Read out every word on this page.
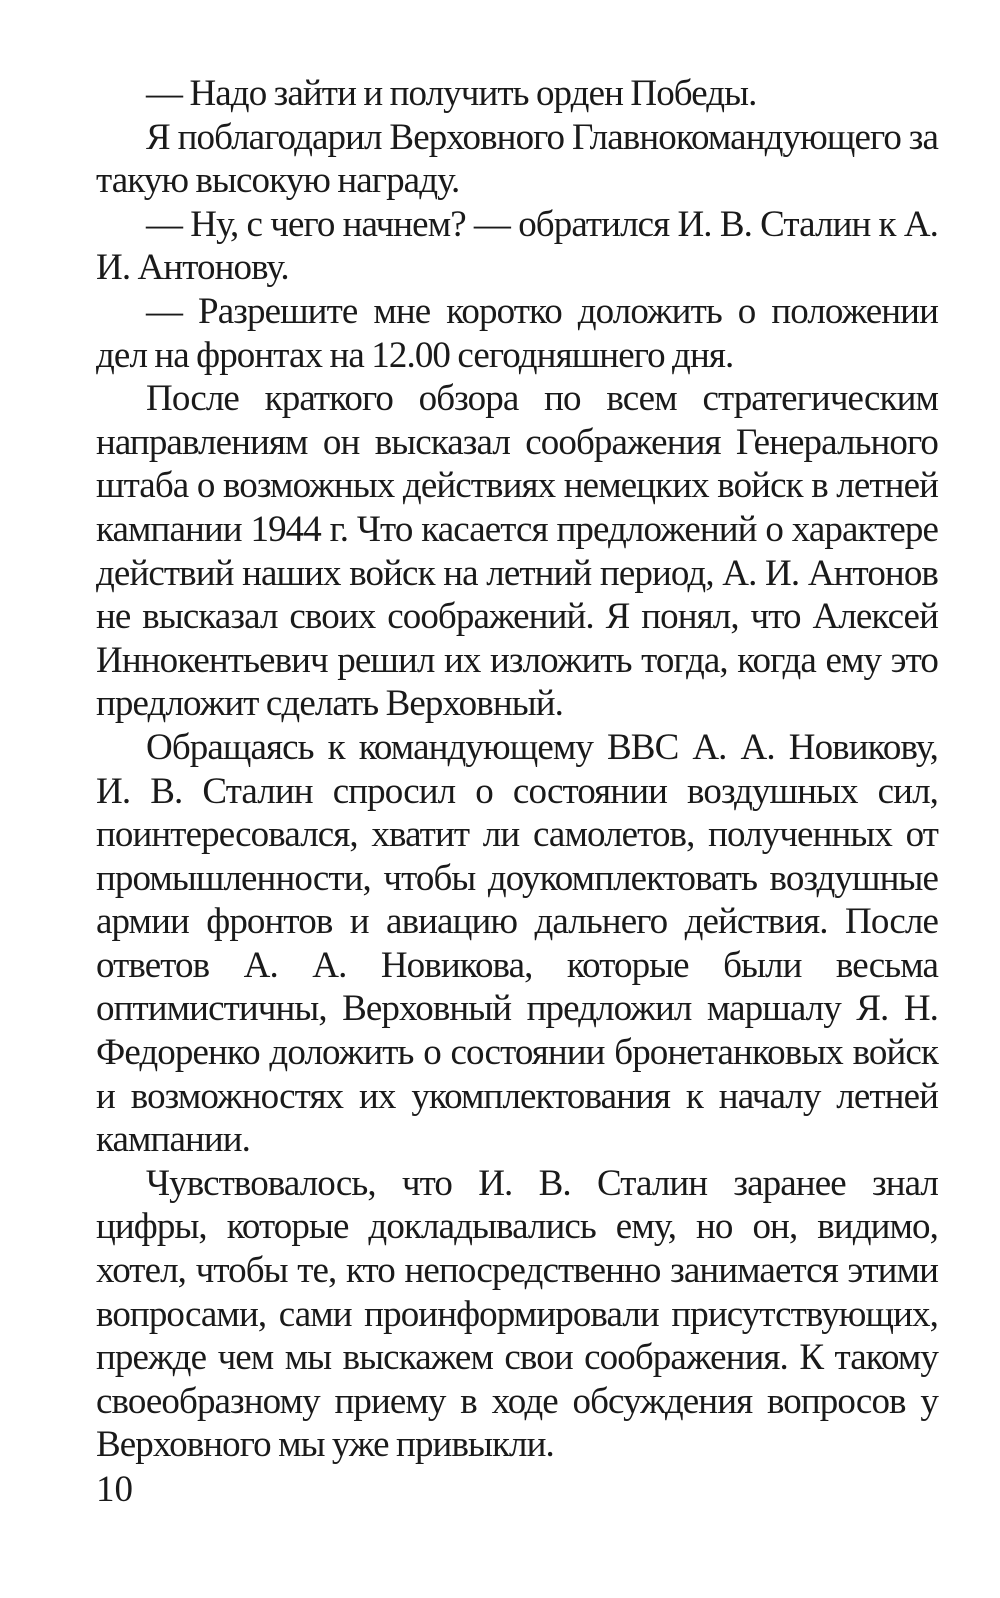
— Надо зайти и получить орден Победы.

Я поблагодарил Верховного Главнокомандующего за такую высокую награду.

— Ну, с чего начнем? — обратился И. В. Сталин к А. И. Антонову.

— Разрешите мне коротко доложить о положении дел на фронтах на 12.00 сегодняшнего дня.

После краткого обзора по всем стратегическим направлениям он высказал соображения Генерального штаба о возможных действиях немецких войск в летней кампании 1944 г. Что касается предложений о характере действий наших войск на летний период, А. И. Антонов не высказал своих соображений. Я понял, что Алексей Иннокентьевич решил их изложить тогда, когда ему это предложит сделать Верховный.

Обращаясь к командующему ВВС А. А. Новикову, И. В. Сталин спросил о состоянии воздушных сил, поинтересовался, хватит ли самолетов, полученных от промышленности, чтобы доукомплектовать воздушные армии фронтов и авиацию дальнего действия. После ответов А. А. Новикова, которые были весьма оптимистичны, Верховный предложил маршалу Я. Н. Федоренко доложить о состоянии бронетанковых войск и возможностях их укомплектования к началу летней кампании.

Чувствовалось, что И. В. Сталин заранее знал цифры, которые докладывались ему, но он, видимо, хотел, чтобы те, кто непосредственно занимается этими вопросами, сами проинформировали присутствующих, прежде чем мы выскажем свои соображения. К такому своеобразному приему в ходе обсуждения вопросов у Верховного мы уже привыкли.

10
